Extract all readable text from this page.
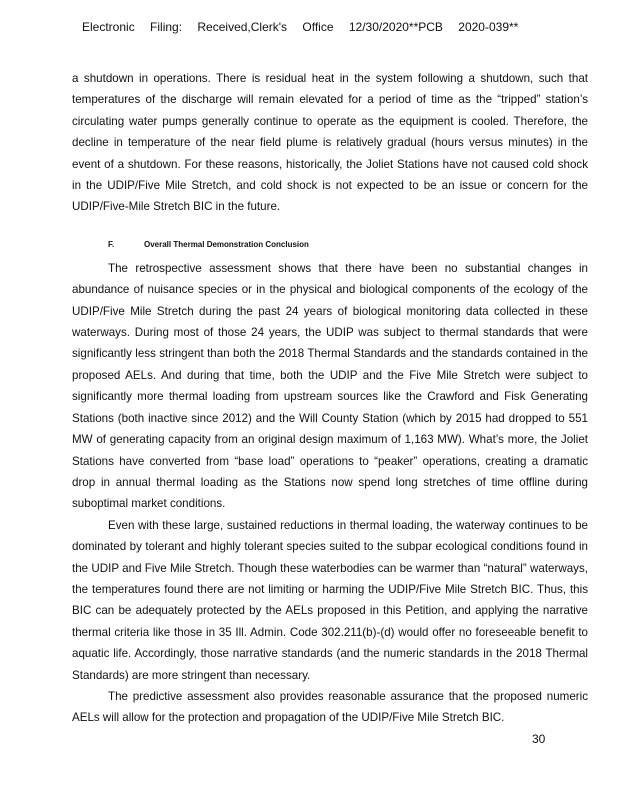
Electronic Filing: Received,Clerk's Office 12/30/2020**PCB 2020-039**

a shutdown in operations. There is residual heat in the system following a shutdown, such that temperatures of the discharge will remain elevated for a period of time as the “tripped” station’s circulating water pumps generally continue to operate as the equipment is cooled. Therefore, the decline in temperature of the near field plume is relatively gradual (hours versus minutes) in the event of a shutdown. For these reasons, historically, the Joliet Stations have not caused cold shock in the UDIP/Five Mile Stretch, and cold shock is not expected to be an issue or concern for the UDIP/Five-Mile Stretch BIC in the future.

F.	Overall Thermal Demonstration Conclusion

The retrospective assessment shows that there have been no substantial changes in abundance of nuisance species or in the physical and biological components of the ecology of the UDIP/Five Mile Stretch during the past 24 years of biological monitoring data collected in these waterways. During most of those 24 years, the UDIP was subject to thermal standards that were significantly less stringent than both the 2018 Thermal Standards and the standards contained in the proposed AELs. And during that time, both the UDIP and the Five Mile Stretch were subject to significantly more thermal loading from upstream sources like the Crawford and Fisk Generating Stations (both inactive since 2012) and the Will County Station (which by 2015 had dropped to 551 MW of generating capacity from an original design maximum of 1,163 MW). What’s more, the Joliet Stations have converted from “base load” operations to “peaker” operations, creating a dramatic drop in annual thermal loading as the Stations now spend long stretches of time offline during suboptimal market conditions.

Even with these large, sustained reductions in thermal loading, the waterway continues to be dominated by tolerant and highly tolerant species suited to the subpar ecological conditions found in the UDIP and Five Mile Stretch. Though these waterbodies can be warmer than “natural” waterways, the temperatures found there are not limiting or harming the UDIP/Five Mile Stretch BIC. Thus, this BIC can be adequately protected by the AELs proposed in this Petition, and applying the narrative thermal criteria like those in 35 Ill. Admin. Code 302.211(b)-(d) would offer no foreseeable benefit to aquatic life. Accordingly, those narrative standards (and the numeric standards in the 2018 Thermal Standards) are more stringent than necessary.

The predictive assessment also provides reasonable assurance that the proposed numeric AELs will allow for the protection and propagation of the UDIP/Five Mile Stretch BIC.

30
